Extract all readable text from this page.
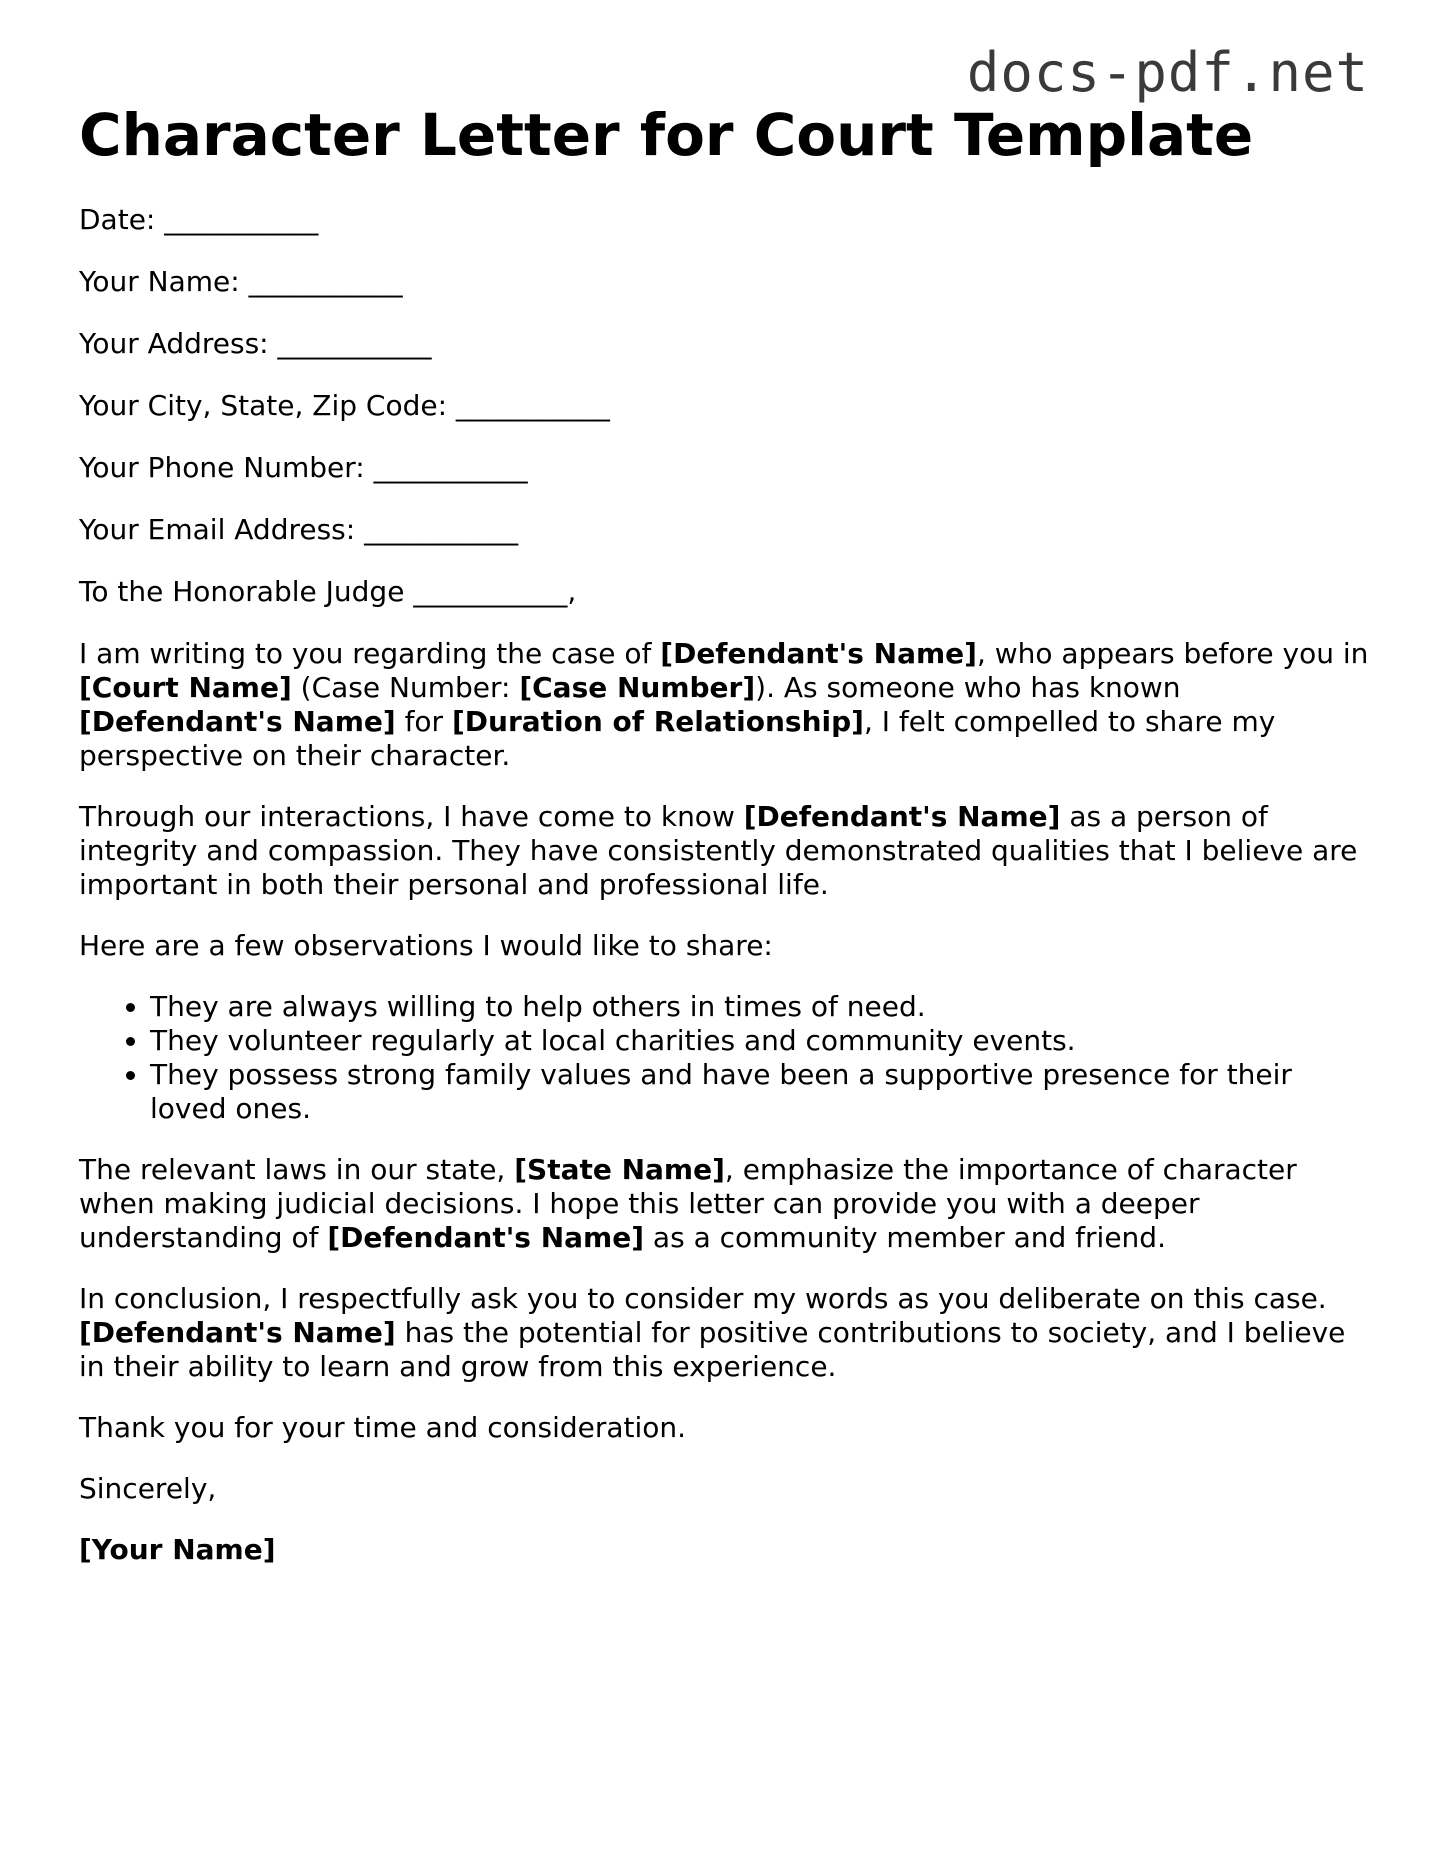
docs-pdf.net
Character Letter for Court Template

Date: ___________

Your Name: ___________

Your Address: ___________

Your City, State, Zip Code: ___________

Your Phone Number: ___________

Your Email Address: ___________

To the Honorable Judge ___________,

I am writing to you regarding the case of [Defendant's Name], who appears before you in [Court Name] (Case Number: [Case Number]). As someone who has known [Defendant's Name] for [Duration of Relationship], I felt compelled to share my perspective on their character.

Through our interactions, I have come to know [Defendant's Name] as a person of integrity and compassion. They have consistently demonstrated qualities that I believe are important in both their personal and professional life.

Here are a few observations I would like to share:

• They are always willing to help others in times of need.
• They volunteer regularly at local charities and community events.
• They possess strong family values and have been a supportive presence for their loved ones.

The relevant laws in our state, [State Name], emphasize the importance of character when making judicial decisions. I hope this letter can provide you with a deeper understanding of [Defendant's Name] as a community member and friend.

In conclusion, I respectfully ask you to consider my words as you deliberate on this case. [Defendant's Name] has the potential for positive contributions to society, and I believe in their ability to learn and grow from this experience.

Thank you for your time and consideration.

Sincerely,

[Your Name]
